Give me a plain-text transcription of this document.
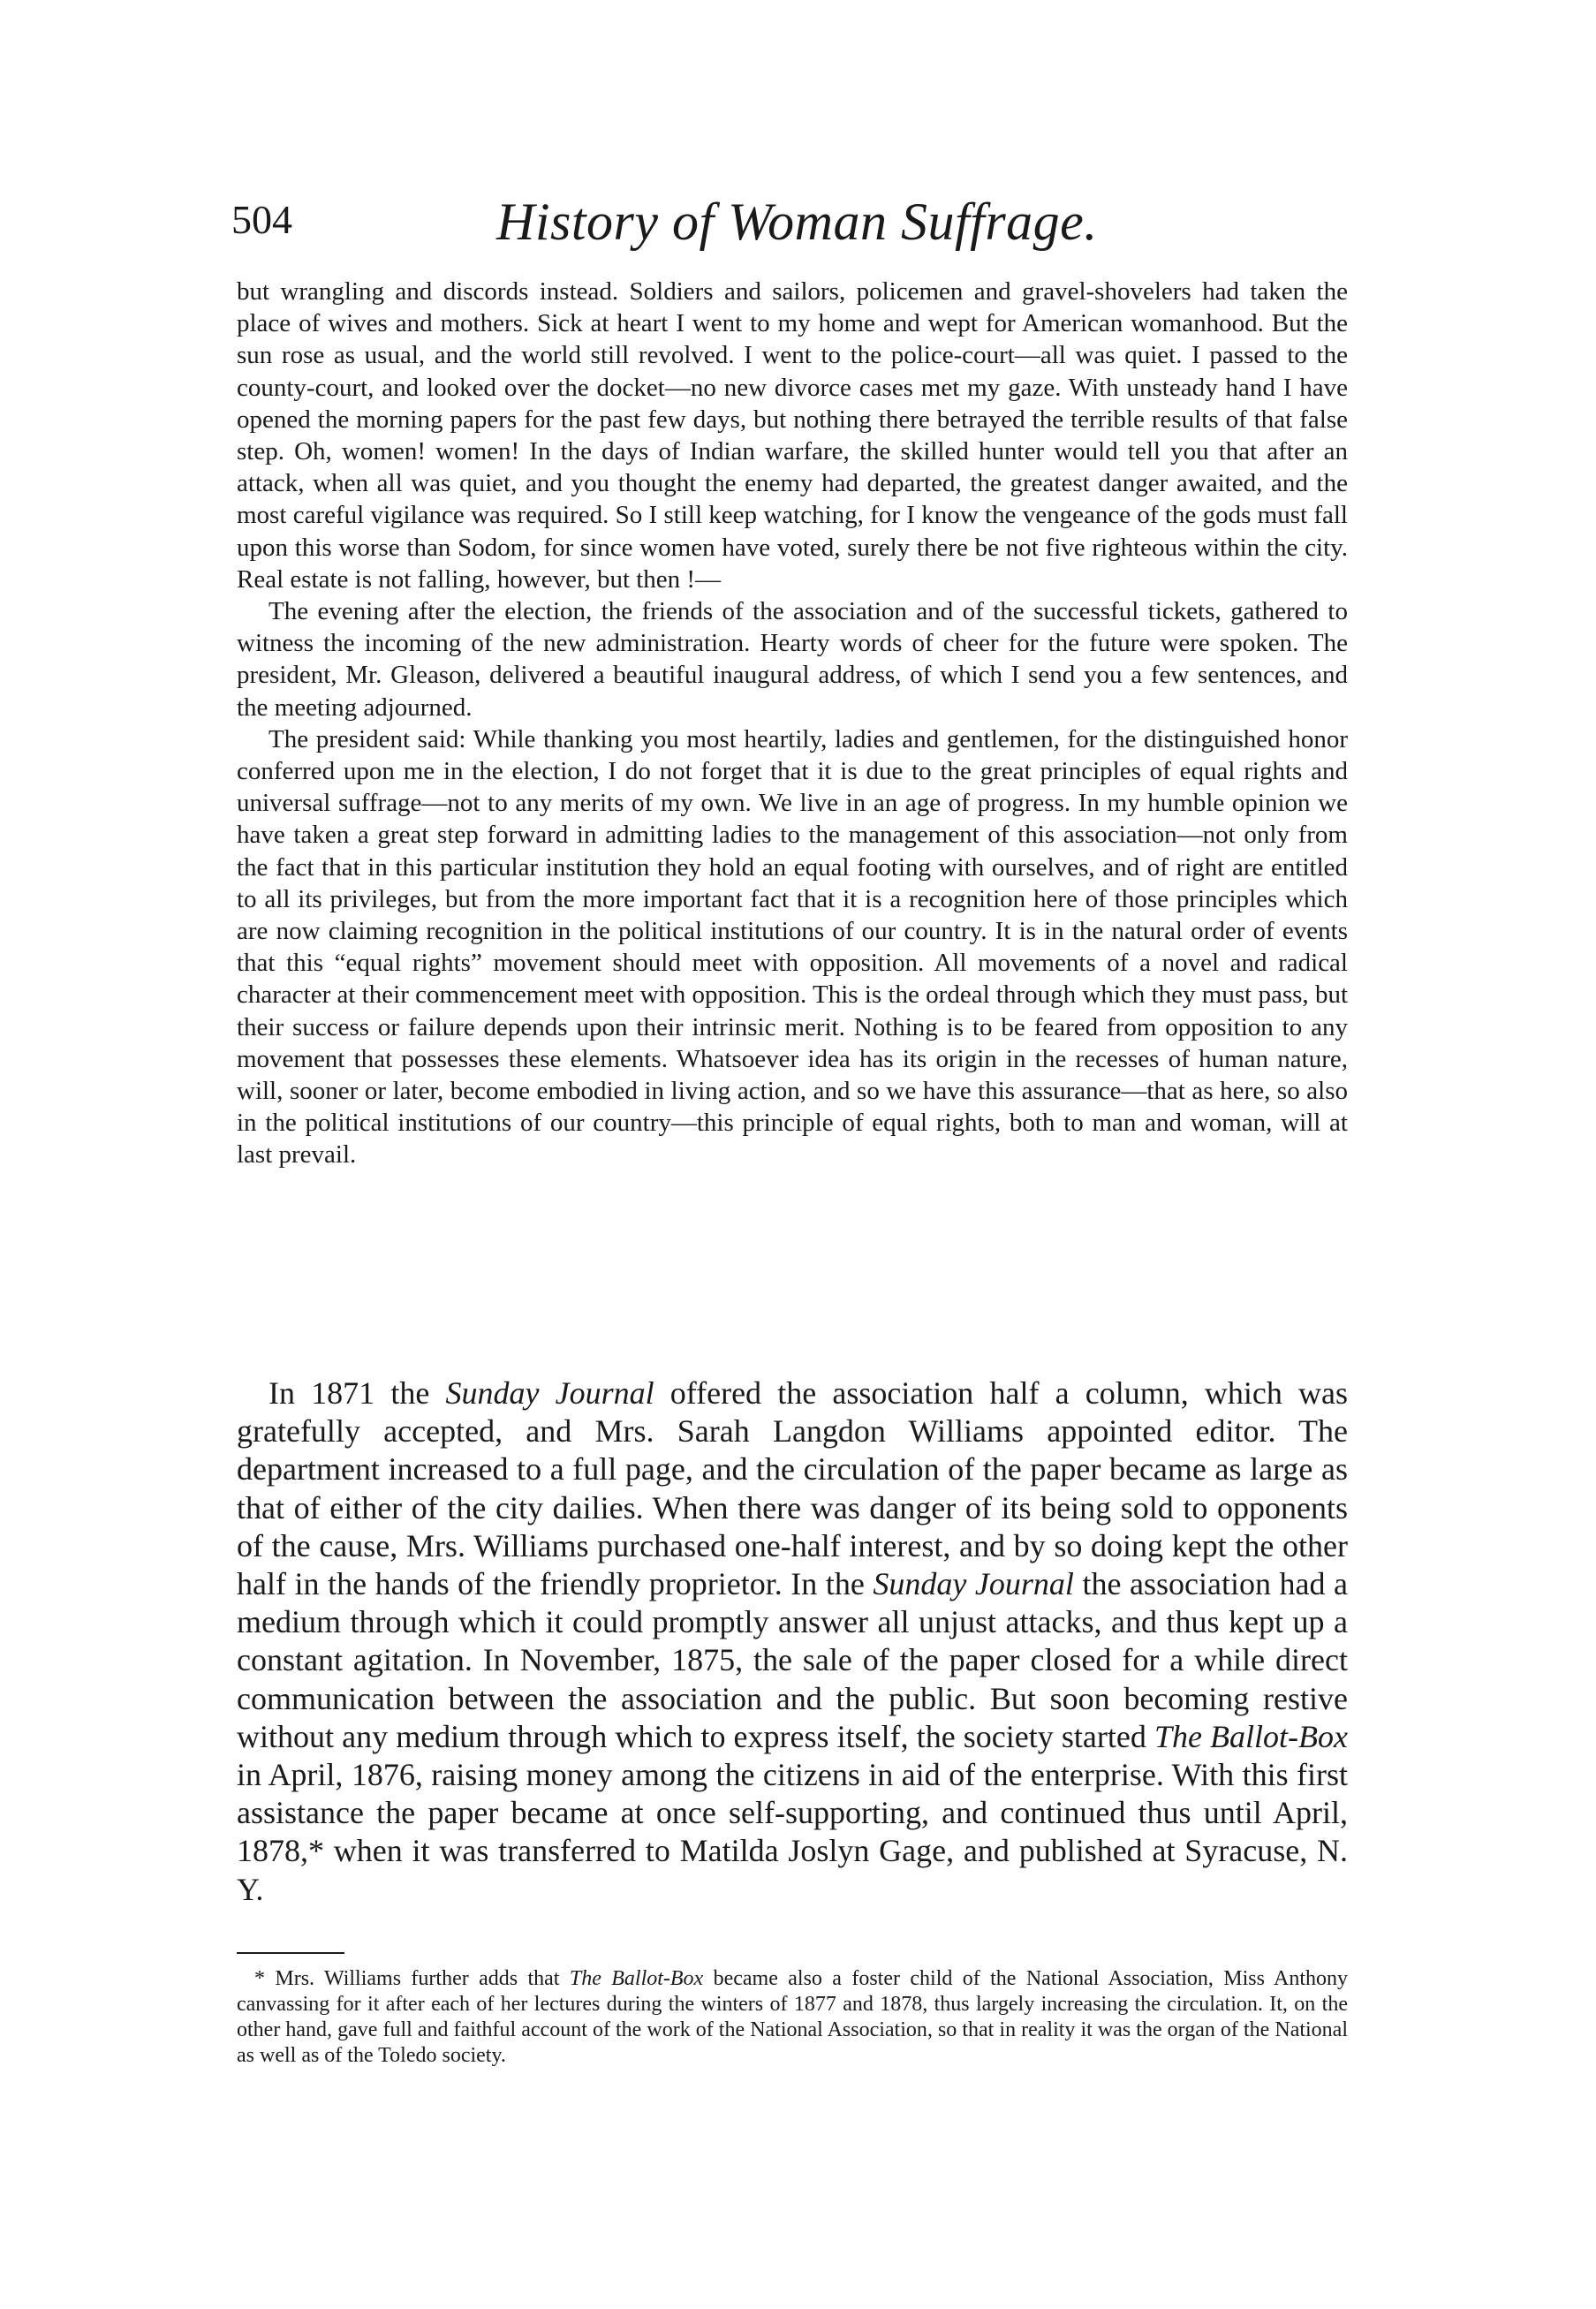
504	History of Woman Suffrage.

but wrangling and discords instead. Soldiers and sailors, policemen and gravel-shovelers had taken the place of wives and mothers. Sick at heart I went to my home and wept for American womanhood. But the sun rose as usual, and the world still revolved. I went to the police-court—all was quiet. I passed to the county-court, and looked over the docket—no new divorce cases met my gaze. With unsteady hand I have opened the morning papers for the past few days, but nothing there betrayed the terrible results of that false step. Oh, women! women! In the days of Indian warfare, the skilled hunter would tell you that after an attack, when all was quiet, and you thought the enemy had departed, the greatest danger awaited, and the most careful vigilance was required. So I still keep watching, for I know the vengeance of the gods must fall upon this worse than Sodom, for since women have voted, surely there be not five righteous within the city. Real estate is not falling, however, but then !—

The evening after the election, the friends of the association and of the successful tickets, gathered to witness the incoming of the new administration. Hearty words of cheer for the future were spoken. The president, Mr. Gleason, delivered a beautiful inaugural address, of which I send you a few sentences, and the meeting adjourned.

The president said: While thanking you most heartily, ladies and gentlemen, for the distinguished honor conferred upon me in the election, I do not forget that it is due to the great principles of equal rights and universal suffrage—not to any merits of my own. We live in an age of progress. In my humble opinion we have taken a great step forward in admitting ladies to the management of this association—not only from the fact that in this particular institution they hold an equal footing with ourselves, and of right are entitled to all its privileges, but from the more important fact that it is a recognition here of those principles which are now claiming recognition in the political institutions of our country. It is in the natural order of events that this “equal rights” movement should meet with opposition. All movements of a novel and radical character at their commencement meet with opposition. This is the ordeal through which they must pass, but their success or failure depends upon their intrinsic merit. Nothing is to be feared from opposition to any movement that possesses these elements. Whatsoever idea has its origin in the recesses of human nature, will, sooner or later, become embodied in living action, and so we have this assurance—that as here, so also in the political institutions of our country—this principle of equal rights, both to man and woman, will at last prevail.

In 1871 the Sunday Journal offered the association half a column, which was gratefully accepted, and Mrs. Sarah Langdon Williams appointed editor. The department increased to a full page, and the circulation of the paper became as large as that of either of the city dailies. When there was danger of its being sold to opponents of the cause, Mrs. Williams purchased one-half interest, and by so doing kept the other half in the hands of the friendly proprietor. In the Sunday Journal the association had a medium through which it could promptly answer all unjust attacks, and thus kept up a constant agitation. In November, 1875, the sale of the paper closed for a while direct communication between the association and the public. But soon becoming restive without any medium through which to express itself, the society started The Ballot-Box in April, 1876, raising money among the citizens in aid of the enterprise. With this first assistance the paper became at once self-supporting, and continued thus until April, 1878,* when it was transferred to Matilda Joslyn Gage, and published at Syracuse, N. Y.

* Mrs. Williams further adds that The Ballot-Box became also a foster child of the National Association, Miss Anthony canvassing for it after each of her lectures during the winters of 1877 and 1878, thus largely increasing the circulation. It, on the other hand, gave full and faithful account of the work of the National Association, so that in reality it was the organ of the National as well as of the Toledo society.
